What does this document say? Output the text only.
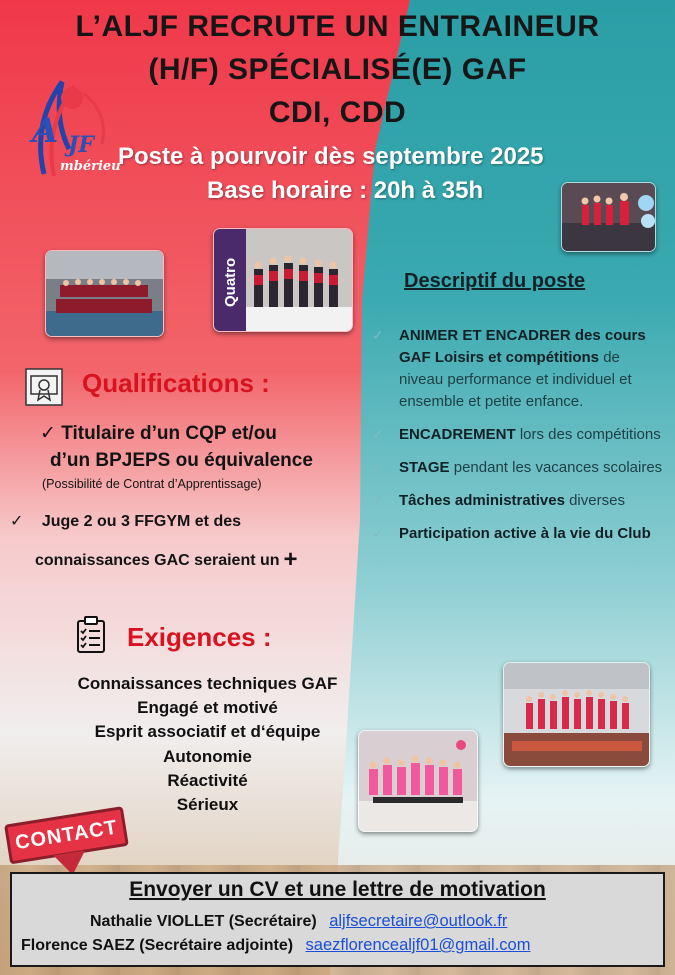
L’ALJF RECRUTE UN ENTRAINEUR
(H/F) SPÉCIALISÉ(E) GAF
CDI, CDD
Poste à pourvoir dès septembre 2025
Base horaire : 20h à 35h
A JF
mbérieu
Quatro
Qualifications :
✓ Titulaire d’un CQP et/ou
d’un BPJEPS ou équivalence
(Possibilité de Contrat d’Apprentissage)
✓ Juge 2 ou 3 FFGYM et des
connaissances GAC seraient un +
Exigences :
Connaissances techniques GAF
Engagé et motivé
Esprit associatif et d‘équipe
Autonomie
Réactivité
Sérieux
Descriptif du poste
✓ ANIMER ET ENCADRER des cours GAF Loisirs et compétitions de niveau performance et individuel et ensemble et petite enfance.
✓ ENCADREMENT lors des compétitions
✓ STAGE pendant les vacances scolaires
✓ Tâches administratives diverses
✓ Participation active à la vie du Club
CONTACT
Envoyer un CV et une lettre de motivation
Nathalie VIOLLET (Secrétaire) aljfsecretaire@outlook.fr
Florence SAEZ (Secrétaire adjointe) saezflorencealjf01@gmail.com
